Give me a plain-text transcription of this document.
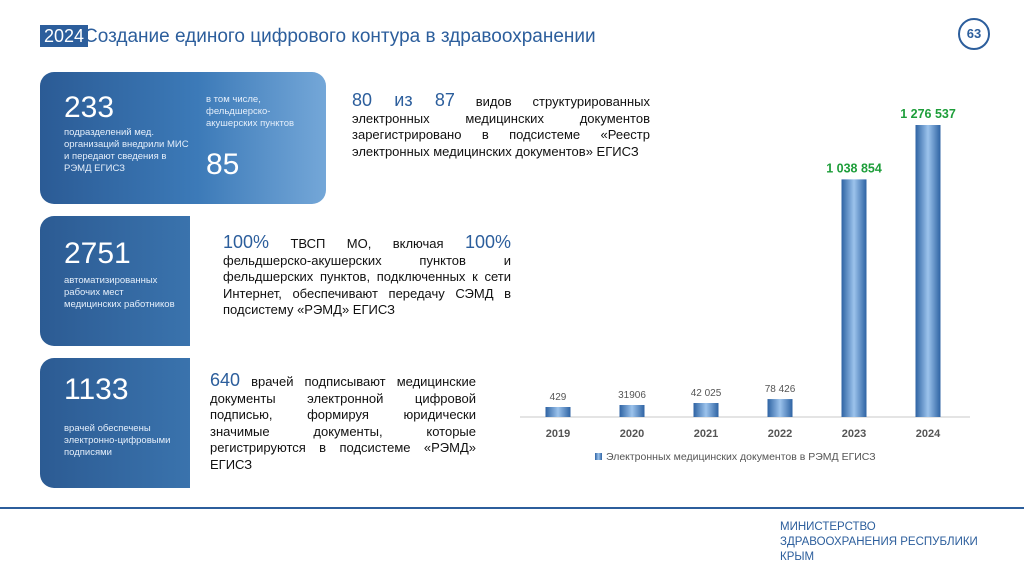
2024 Создание единого цифрового контура в здравоохранении	63
233
подразделений мед. организаций внедрили МИС и передают сведения в РЭМД ЕГИСЗ
в том числе, фельдшерско-акушерских пунктов
85
2751
автоматизированных рабочих мест медицинских работников
1133
врачей обеспечены электронно-цифровыми подписями
80 из 87 видов структурированных электронных медицинских документов зарегистрировано в подсистеме «Реестр электронных медицинских документов» ЕГИСЗ
100% ТВСП МО, включая 100% фельдшерско-акушерских пунктов и фельдшерских пунктов, подключенных к сети Интернет, обеспечивают передачу СЭМД в подсистему «РЭМД» ЕГИСЗ
640 врачей подписывают медицинские документы электронной цифровой подписью, формируя юридически значимые документы, которые регистрируются в подсистеме «РЭМД» ЕГИСЗ
429
2019
31906
2020
42 025
2021
78 426
2022
1 038 854
2023
1 276 537
2024
Электронных медицинских документов в РЭМД ЕГИСЗ
МИНИСТЕРСТВО ЗДРАВООХРАНЕНИЯ РЕСПУБЛИКИ КРЫМ
